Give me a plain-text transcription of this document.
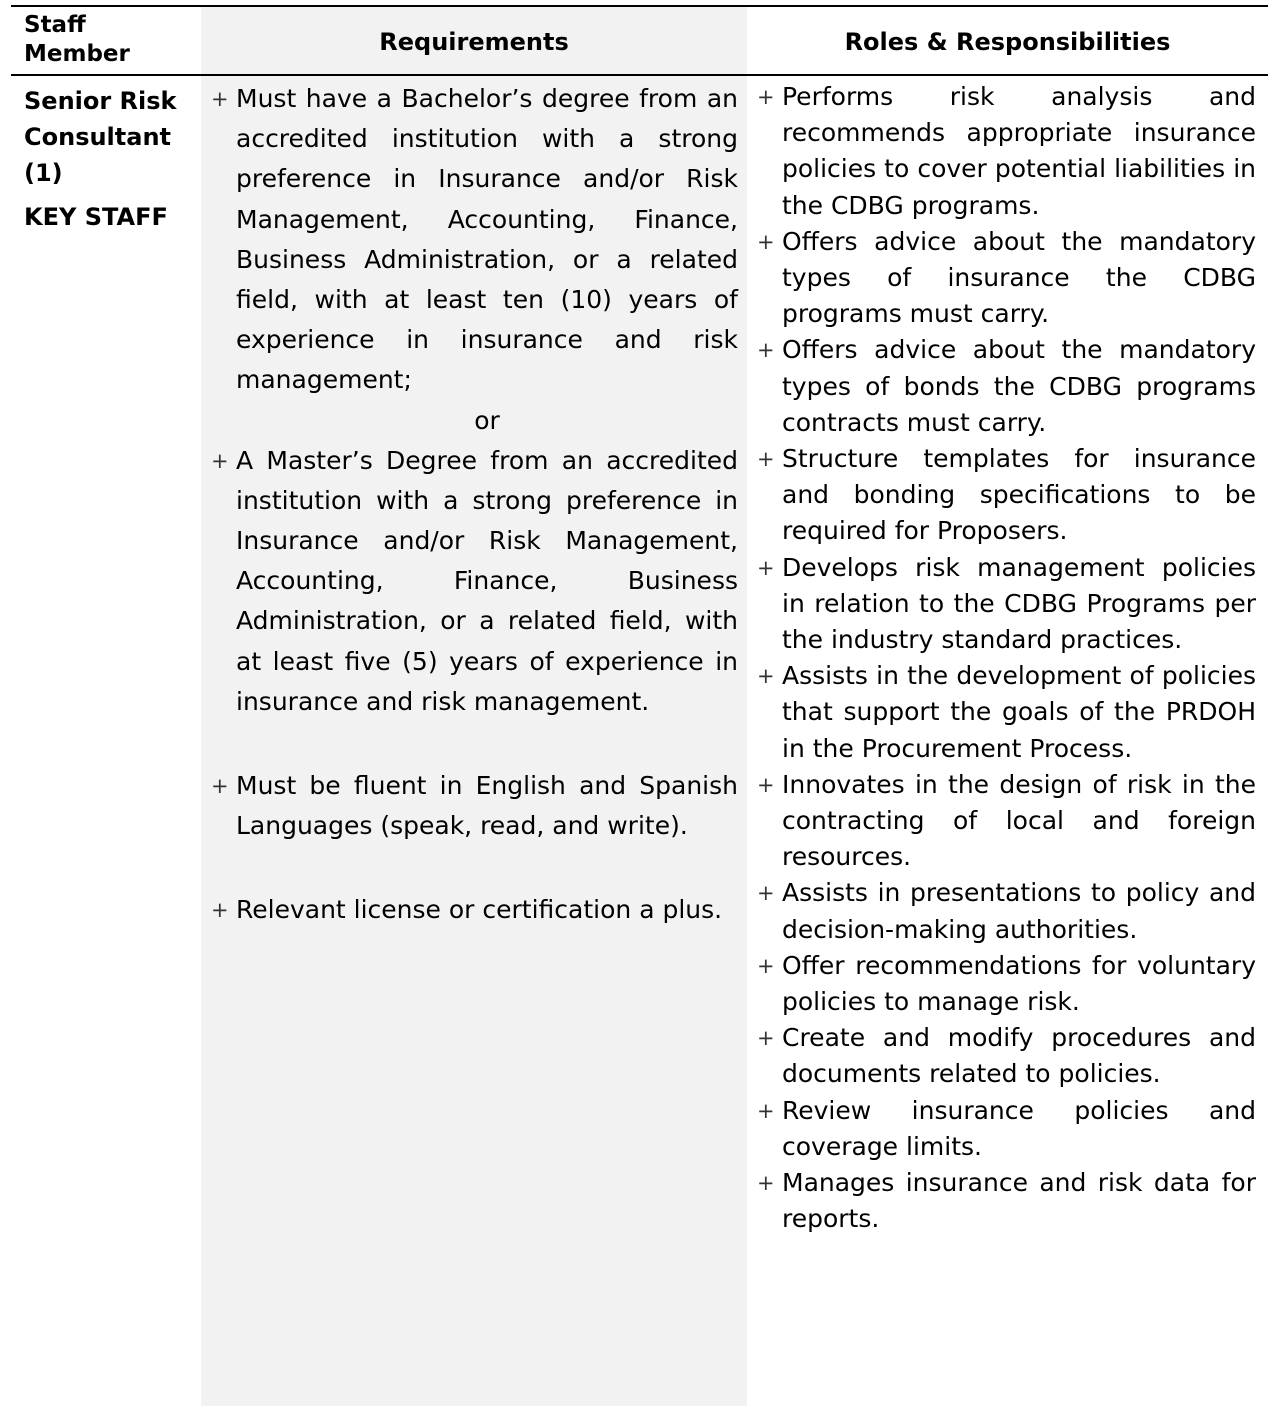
Staff Member	Requirements	Roles & Responsibilities
Senior Risk Consultant (1)
KEY STAFF
+ Must have a Bachelor’s degree from an accredited institution with a strong preference in Insurance and/or Risk Management, Accounting, Finance, Business Administration, or a related field, with at least ten (10) years of experience in insurance and risk management;
or
+ A Master’s Degree from an accredited institution with a strong preference in Insurance and/or Risk Management, Accounting, Finance, Business Administration, or a related field, with at least five (5) years of experience in insurance and risk management.
+ Must be fluent in English and Spanish Languages (speak, read, and write).
+ Relevant license or certification a plus.
+ Performs risk analysis and recommends appropriate insurance policies to cover potential liabilities in the CDBG programs.
+ Offers advice about the mandatory types of insurance the CDBG programs must carry.
+ Offers advice about the mandatory types of bonds the CDBG programs contracts must carry.
+ Structure templates for insurance and bonding specifications to be required for Proposers.
+ Develops risk management policies in relation to the CDBG Programs per the industry standard practices.
+ Assists in the development of policies that support the goals of the PRDOH in the Procurement Process.
+ Innovates in the design of risk in the contracting of local and foreign resources.
+ Assists in presentations to policy and decision-making authorities.
+ Offer recommendations for voluntary policies to manage risk.
+ Create and modify procedures and documents related to policies.
+ Review insurance policies and coverage limits.
+ Manages insurance and risk data for reports.
